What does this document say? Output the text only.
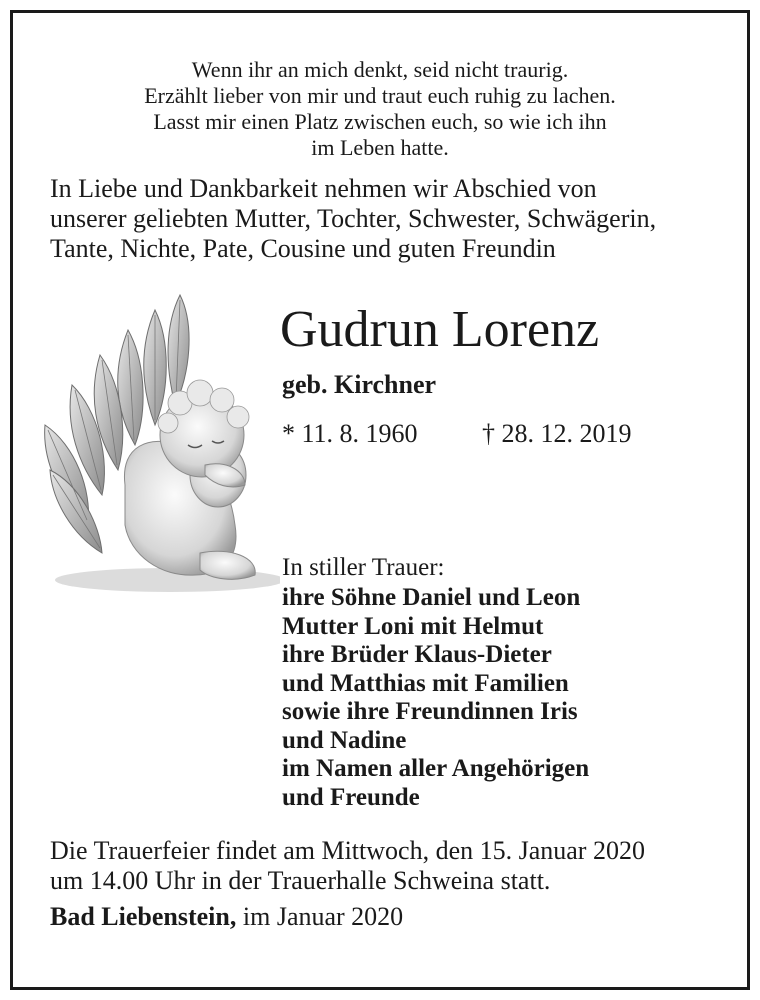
Wenn ihr an mich denkt, seid nicht traurig.
Erzählt lieber von mir und traut euch ruhig zu lachen.
Lasst mir einen Platz zwischen euch, so wie ich ihn
im Leben hatte.
In Liebe und Dankbarkeit nehmen wir Abschied von
unserer geliebten Mutter, Tochter, Schwester, Schwägerin,
Tante, Nichte, Pate, Cousine und guten Freundin
Gudrun Lorenz
geb. Kirchner
* 11. 8. 1960 † 28. 12. 2019
In stiller Trauer:
ihre Söhne Daniel und Leon
Mutter Loni mit Helmut
ihre Brüder Klaus-Dieter
und Matthias mit Familien
sowie ihre Freundinnen Iris
und Nadine
im Namen aller Angehörigen
und Freunde
Die Trauerfeier findet am Mittwoch, den 15. Januar 2020
um 14.00 Uhr in der Trauerhalle Schweina statt.
Bad Liebenstein, im Januar 2020
